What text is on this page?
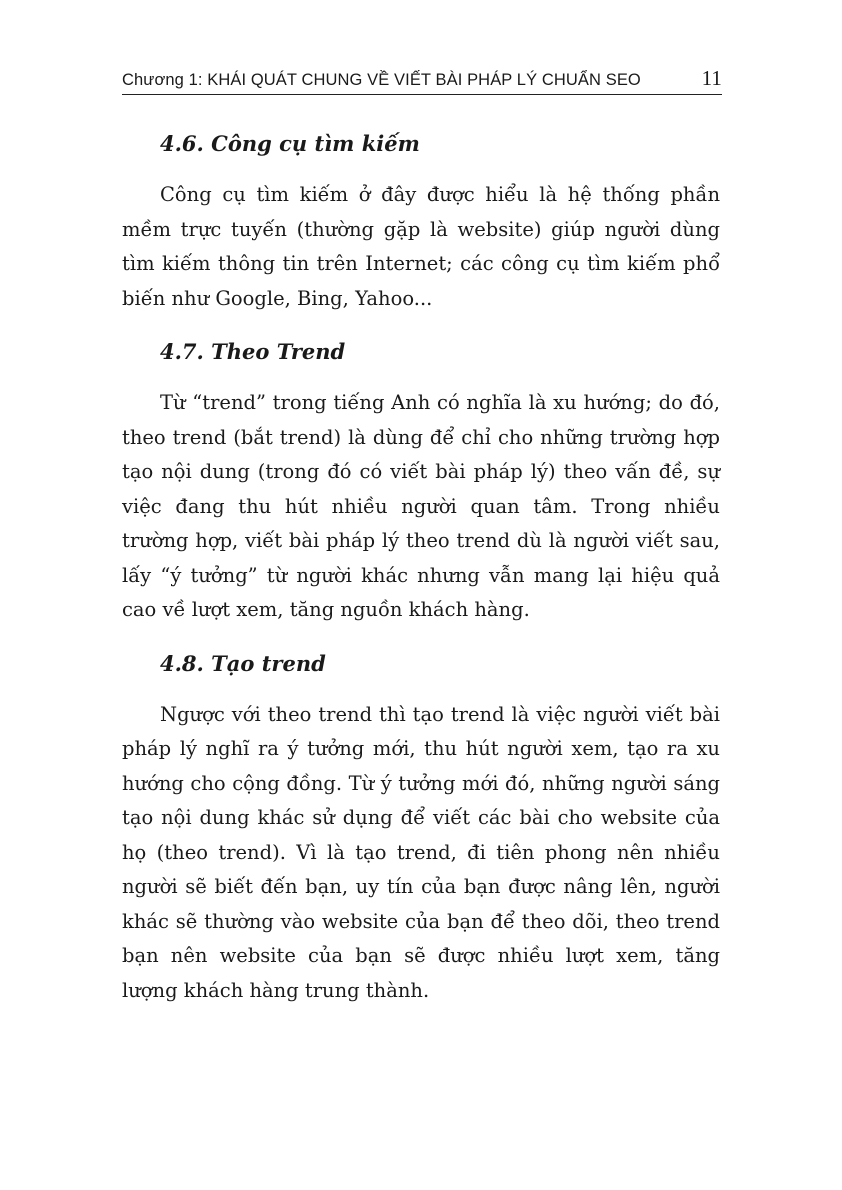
Chương 1: KHÁI QUÁT CHUNG VỀ VIẾT BÀI PHÁP LÝ CHUẨN SEO	11
4.6. Công cụ tìm kiếm

Công cụ tìm kiếm ở đây được hiểu là hệ thống phần mềm trực tuyến (thường gặp là website) giúp người dùng tìm kiếm thông tin trên Internet; các công cụ tìm kiếm phổ biến như Google, Bing, Yahoo...

4.7. Theo Trend

Từ “trend” trong tiếng Anh có nghĩa là xu hướng; do đó, theo trend (bắt trend) là dùng để chỉ cho những trường hợp tạo nội dung (trong đó có viết bài pháp lý) theo vấn đề, sự việc đang thu hút nhiều người quan tâm. Trong nhiều trường hợp, viết bài pháp lý theo trend dù là người viết sau, lấy “ý tưởng” từ người khác nhưng vẫn mang lại hiệu quả cao về lượt xem, tăng nguồn khách hàng.

4.8. Tạo trend

Ngược với theo trend thì tạo trend là việc người viết bài pháp lý nghĩ ra ý tưởng mới, thu hút người xem, tạo ra xu hướng cho cộng đồng. Từ ý tưởng mới đó, những người sáng tạo nội dung khác sử dụng để viết các bài cho website của họ (theo trend). Vì là tạo trend, đi tiên phong nên nhiều người sẽ biết đến bạn, uy tín của bạn được nâng lên, người khác sẽ thường vào website của bạn để theo dõi, theo trend bạn nên website của bạn sẽ được nhiều lượt xem, tăng lượng khách hàng trung thành.
